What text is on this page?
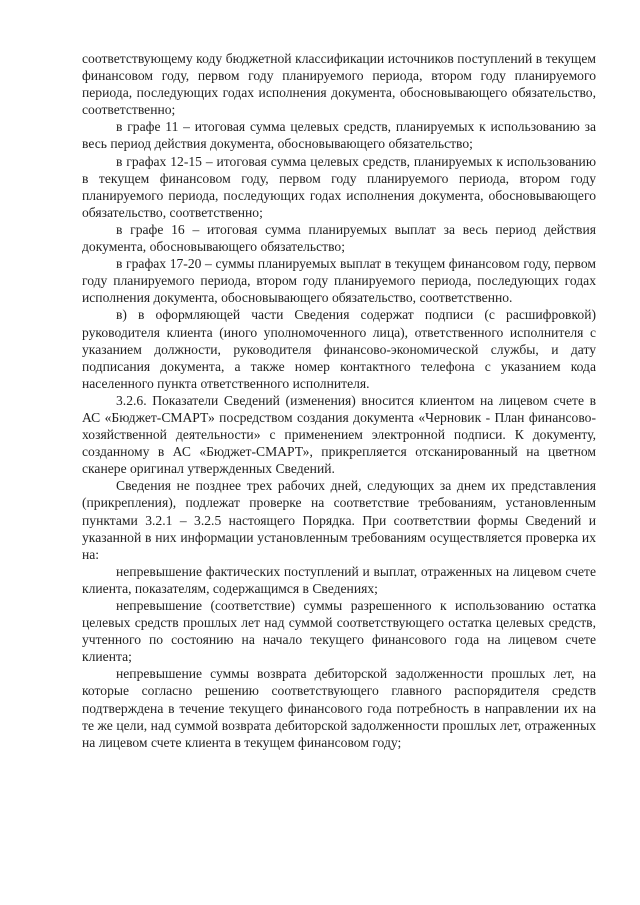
соответствующему коду бюджетной классификации источников поступлений в текущем финансовом году, первом году планируемого периода, втором году планируемого периода, последующих годах исполнения документа, обосновывающего обязательство, соответственно;

в графе 11 – итоговая сумма целевых средств, планируемых к использованию за весь период действия документа, обосновывающего обязательство;

в графах 12-15 – итоговая сумма целевых средств, планируемых к использованию в текущем финансовом году, первом году планируемого периода, втором году планируемого периода, последующих годах исполнения документа, обосновывающего обязательство, соответственно;

в графе 16 – итоговая сумма планируемых выплат за весь период действия документа, обосновывающего обязательство;

в графах 17-20 – суммы планируемых выплат в текущем финансовом году, первом году планируемого периода, втором году планируемого периода, последующих годах исполнения документа, обосновывающего обязательство, соответственно.

в) в оформляющей части Сведения содержат подписи (с расшифровкой) руководителя клиента (иного уполномоченного лица), ответственного исполнителя с указанием должности, руководителя финансово-экономической службы, и дату подписания документа, а также номер контактного телефона с указанием кода населенного пункта ответственного исполнителя.

3.2.6. Показатели Сведений (изменения) вносится клиентом на лицевом счете в АС «Бюджет-СМАРТ» посредством создания документа «Черновик - План финансово-хозяйственной деятельности» с применением электронной подписи. К документу, созданному в АС «Бюджет-СМАРТ», прикрепляется отсканированный на цветном сканере оригинал утвержденных Сведений.

Сведения не позднее трех рабочих дней, следующих за днем их представления (прикрепления), подлежат проверке на соответствие требованиям, установленным пунктами 3.2.1 – 3.2.5 настоящего Порядка. При соответствии формы Сведений и указанной в них информации установленным требованиям осуществляется проверка их на:

непревышение фактических поступлений и выплат, отраженных на лицевом счете клиента, показателям, содержащимся в Сведениях;

непревышение (соответствие) суммы разрешенного к использованию остатка целевых средств прошлых лет над суммой соответствующего остатка целевых средств, учтенного по состоянию на начало текущего финансового года на лицевом счете клиента;

непревышение суммы возврата дебиторской задолженности прошлых лет, на которые согласно решению соответствующего главного распорядителя средств подтверждена в течение текущего финансового года потребность в направлении их на те же цели, над суммой возврата дебиторской задолженности прошлых лет, отраженных на лицевом счете клиента в текущем финансовом году;
